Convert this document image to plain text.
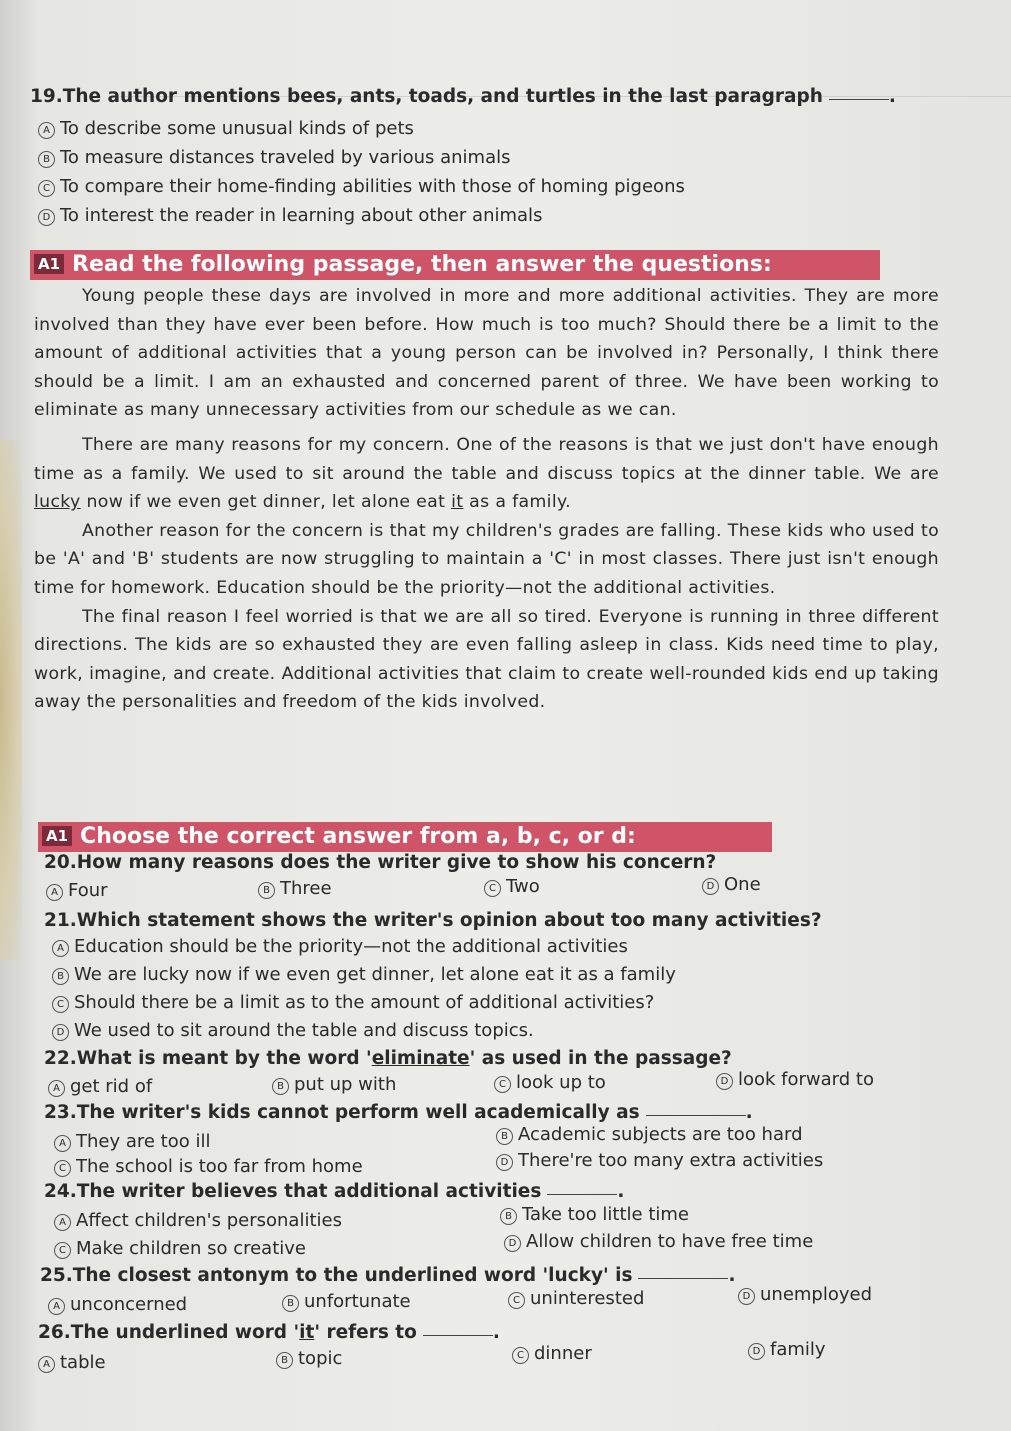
19.The author mentions bees, ants, toads, and turtles in the last paragraph	.
A To describe some unusual kinds of pets
B To measure distances traveled by various animals
C To compare their home-finding abilities with those of homing pigeons
D To interest the reader in learning about other animals
A1 Read the following passage, then answer the questions:

Young people these days are involved in more and more additional activities. They are more involved than they have ever been before. How much is too much? Should there be a limit to the amount of additional activities that a young person can be involved in? Personally, I think there should be a limit. I am an exhausted and concerned parent of three. We have been working to eliminate as many unnecessary activities from our schedule as we can.

There are many reasons for my concern. One of the reasons is that we just don't have enough time as a family. We used to sit around the table and discuss topics at the dinner table. We are lucky now if we even get dinner, let alone eat it as a family.

Another reason for the concern is that my children's grades are falling. These kids who used to be 'A' and 'B' students are now struggling to maintain a 'C' in most classes. There just isn't enough time for homework. Education should be the priority—not the additional activities.

The final reason I feel worried is that we are all so tired. Everyone is running in three different directions. The kids are so exhausted they are even falling asleep in class. Kids need time to play, work, imagine, and create. Additional activities that claim to create well-rounded kids end up taking away the personalities and freedom of the kids involved.

A1 Choose the correct answer from a, b, c, or d:
20.How many reasons does the writer give to show his concern?
A Four	B Three	C Two	D One
21.Which statement shows the writer's opinion about too many activities?
A Education should be the priority—not the additional activities
B We are lucky now if we even get dinner, let alone eat it as a family
C Should there be a limit as to the amount of additional activities?
D We used to sit around the table and discuss topics.
22.What is meant by the word 'eliminate' as used in the passage?
A get rid of	B put up with	C look up to	D look forward to
23.The writer's kids cannot perform well academically as	.
A They are too ill	B Academic subjects are too hard
C The school is too far from home	D There're too many extra activities
24.The writer believes that additional activities	.
A Affect children's personalities	B Take too little time
C Make children so creative	D Allow children to have free time
25.The closest antonym to the underlined word 'lucky' is	.
A unconcerned	B unfortunate	C uninterested	D unemployed
26.The underlined word 'it' refers to	.
A table	B topic	C dinner	D family
